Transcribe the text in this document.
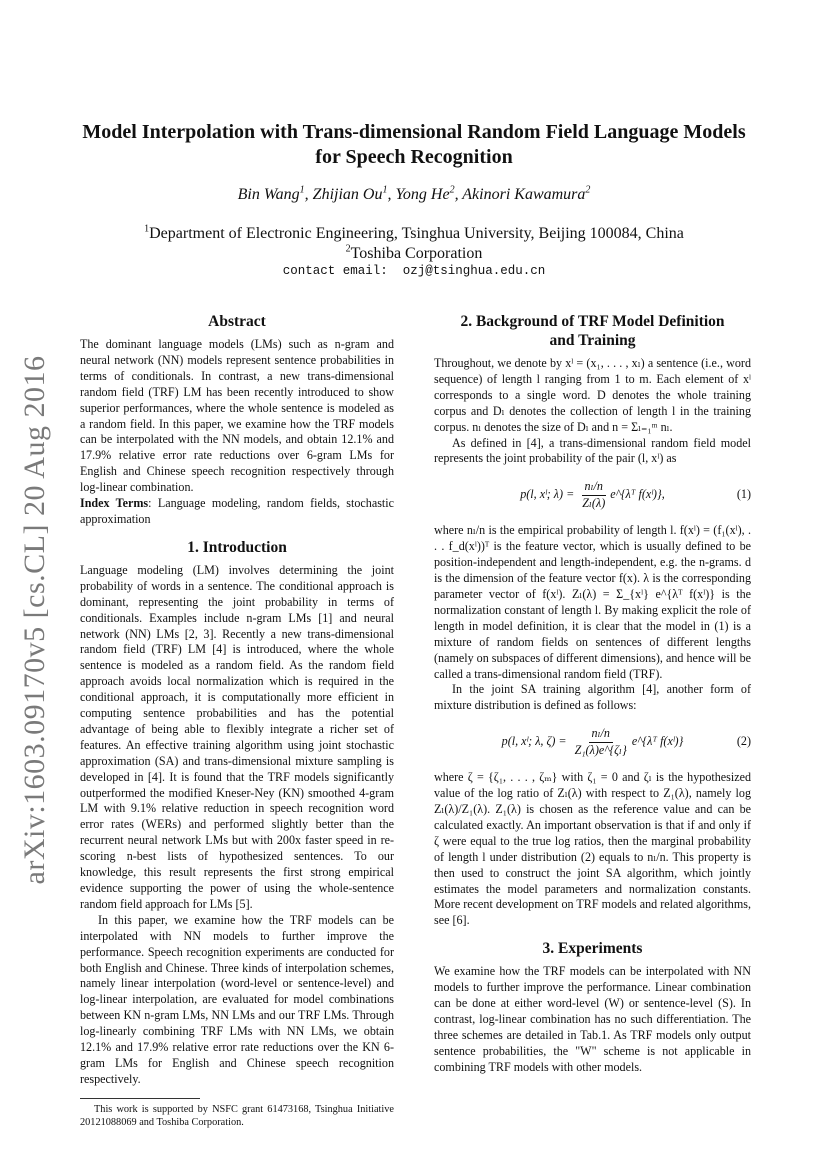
arXiv:1603.09170v5 [cs.CL] 20 Aug 2016
Model Interpolation with Trans-dimensional Random Field Language Models
for Speech Recognition
Bin Wang$^1$, Zhijian Ou$^1$, Yong He$^2$, Akinori Kawamura$^2$
$^1$Department of Electronic Engineering, Tsinghua University, Beijing 100084, China
$^2$Toshiba Corporation
contact email: ozj@tsinghua.edu.cn
Abstract

The dominant language models (LMs) such as n-gram and neural network (NN) models represent sentence probabilities in terms of conditionals. In contrast, a new trans-dimensional random field (TRF) LM has been recently introduced to show superior performances, where the whole sentence is modeled as a random field. In this paper, we examine how the TRF models can be interpolated with the NN models, and obtain 12.1% and 17.9% relative error rate reductions over 6-gram LMs for English and Chinese speech recognition respectively through log-linear combination.

Index Terms: Language modeling, random fields, stochastic approximation

1. Introduction

Language modeling (LM) involves determining the joint probability of words in a sentence. The conditional approach is dominant, representing the joint probability in terms of conditionals. Examples include n-gram LMs [1] and neural network (NN) LMs [2, 3]. Recently a new trans-dimensional random field (TRF) LM [4] is introduced, where the whole sentence is modeled as a random field. As the random field approach avoids local normalization which is required in the conditional approach, it is computationally more efficient in computing sentence probabilities and has the potential advantage of being able to flexibly integrate a richer set of features. An effective training algorithm using joint stochastic approximation (SA) and trans-dimensional mixture sampling is developed in [4]. It is found that the TRF models significantly outperformed the modified Kneser-Ney (KN) smoothed 4-gram LM with 9.1% relative reduction in speech recognition word error rates (WERs) and performed slightly better than the recurrent neural network LMs but with 200x faster speed in re-scoring n-best lists of hypothesized sentences. To our knowledge, this result represents the first strong empirical evidence supporting the power of using the whole-sentence random field approach for LMs [5].

In this paper, we examine how the TRF models can be interpolated with NN models to further improve the performance. Speech recognition experiments are conducted for both English and Chinese. Three kinds of interpolation schemes, namely linear interpolation (word-level or sentence-level) and log-linear interpolation, are evaluated for model combinations between KN n-gram LMs, NN LMs and our TRF LMs. Through log-linearly combining TRF LMs with NN LMs, we obtain 12.1% and 17.9% relative error rate reductions over the KN 6-gram LMs for English and Chinese speech recognition respectively.

This work is supported by NSFC grant 61473168, Tsinghua Initiative 20121088069 and Toshiba Corporation.

2. Background of TRF Model Definition
and Training

Throughout, we denote by xˡ = (x₁, . . . , xₗ) a sentence (i.e., word sequence) of length l ranging from 1 to m. Each element of xˡ corresponds to a single word. D denotes the whole training corpus and Dₗ denotes the collection of length l in the training corpus. nₗ denotes the size of Dₗ and n = Σₗ₌₁ᵐ nₗ.

As defined in [4], a trans-dimensional random field model represents the joint probability of the pair (l, xˡ) as

p(l, xˡ; λ) =
$\frac{\text{nₗ/n}}{\text{Zₗ(λ)}}$ e^{λᵀ f(xˡ)},	(1)

where nₗ/n is the empirical probability of length l. f(xˡ) = (f₁(xˡ), . . . f_d(xˡ))ᵀ is the feature vector, which is usually defined to be position-independent and length-independent, e.g. the n-grams. d is the dimension of the feature vector f(x). λ is the corresponding parameter vector of f(xˡ). Zₗ(λ) = Σ_{xˡ} e^{λᵀ f(xˡ)} is the normalization constant of length l. By making explicit the role of length in model definition, it is clear that the model in (1) is a mixture of random fields on sentences of different lengths (namely on subspaces of different dimensions), and hence will be called a trans-dimensional random field (TRF).

In the joint SA training algorithm [4], another form of mixture distribution is defined as follows:

p(l, xˡ; λ, ζ) =
$\frac{\text{nₗ/n}}{\text{Z₁(λ)e\textasciicircum{}\{ζₗ\}}}$ e^{λᵀ f(xˡ)}	(2)

where ζ = {ζ₁, . . . , ζₘ} with ζ₁ = 0 and ζₗ is the hypothesized value of the log ratio of Zₗ(λ) with respect to Z₁(λ), namely log Zₗ(λ)/Z₁(λ). Z₁(λ) is chosen as the reference value and can be calculated exactly. An important observation is that if and only if ζ were equal to the true log ratios, then the marginal probability of length l under distribution (2) equals to nₗ/n. This property is then used to construct the joint SA algorithm, which jointly estimates the model parameters and normalization constants. More recent development on TRF models and related algorithms, see [6].

3. Experiments

We examine how the TRF models can be interpolated with NN models to further improve the performance. Linear combination can be done at either word-level (W) or sentence-level (S). In contrast, log-linear combination has no such differentiation. The three schemes are detailed in Tab.1. As TRF models only output sentence probabilities, the "W" scheme is not applicable in combining TRF models with other models.
